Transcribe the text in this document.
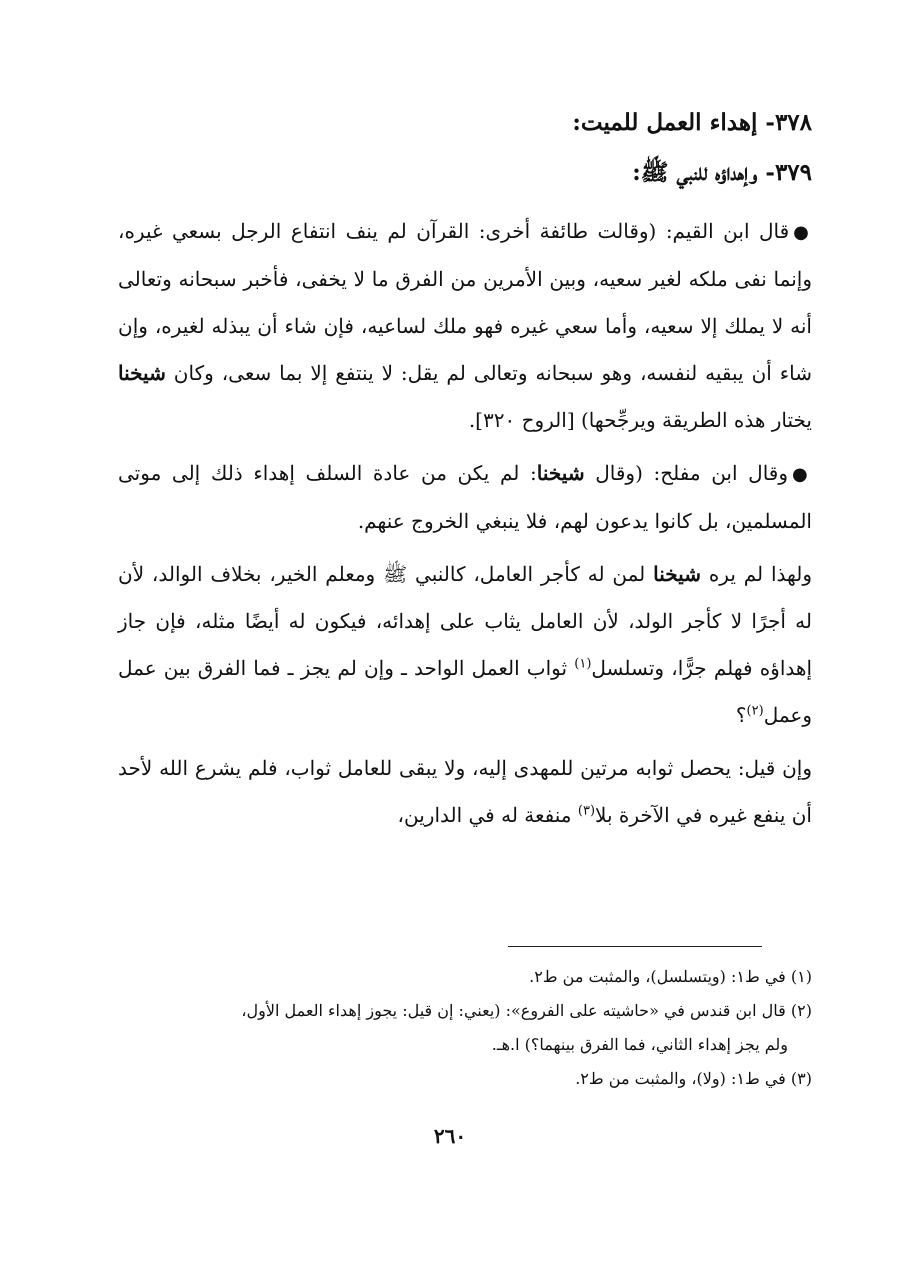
٣٧٨- إهداء العمل للميت:
٣٧٩- وإهداؤه للنبي ﷺ:

●قال ابن القيم: (وقالت طائفة أخرى: القرآن لم ينف انتفاع الرجل بسعي غيره، وإنما نفى ملكه لغير سعيه، وبين الأمرين من الفرق ما لا يخفى، فأخبر سبحانه وتعالى أنه لا يملك إلا سعيه، وأما سعي غيره فهو ملك لساعيه، فإن شاء أن يبذله لغيره، وإن شاء أن يبقيه لنفسه، وهو سبحانه وتعالى لم يقل: لا ينتفع إلا بما سعى، وكان شيخنا يختار هذه الطريقة ويرجِّحها) [الروح ٣٢٠].

●وقال ابن مفلح: (وقال شيخنا: لم يكن من عادة السلف إهداء ذلك إلى موتى المسلمين، بل كانوا يدعون لهم، فلا ينبغي الخروج عنهم.

ولهذا لم يره شيخنا لمن له كأجر العامل، كالنبي ﷺ ومعلم الخير، بخلاف الوالد، لأن له أجرًا لا كأجر الولد، لأن العامل يثاب على إهدائه، فيكون له أيضًا مثله، فإن جاز إهداؤه فهلم جرًّا، وتسلسل$^{(١)}$ ثواب العمل الواحد ـ وإن لم يجز ـ فما الفرق بين عمل وعمل$^{(٢)}$؟

وإن قيل: يحصل ثوابه مرتين للمهدى إليه، ولا يبقى للعامل ثواب، فلم يشرع الله لأحد أن ينفع غيره في الآخرة بلا$^{(٣)}$ منفعة له في الدارين،

(١) في ط١: (ويتسلسل)، والمثبت من ط٢.

(٢) قال ابن قندس في «حاشيته على الفروع»: (يعني: إن قيل: يجوز إهداء العمل الأول،
ولم يجز إهداء الثاني، فما الفرق بينهما؟) ا.هـ.

(٣) في ط١: (ولا)، والمثبت من ط٢.

٢٦٠
